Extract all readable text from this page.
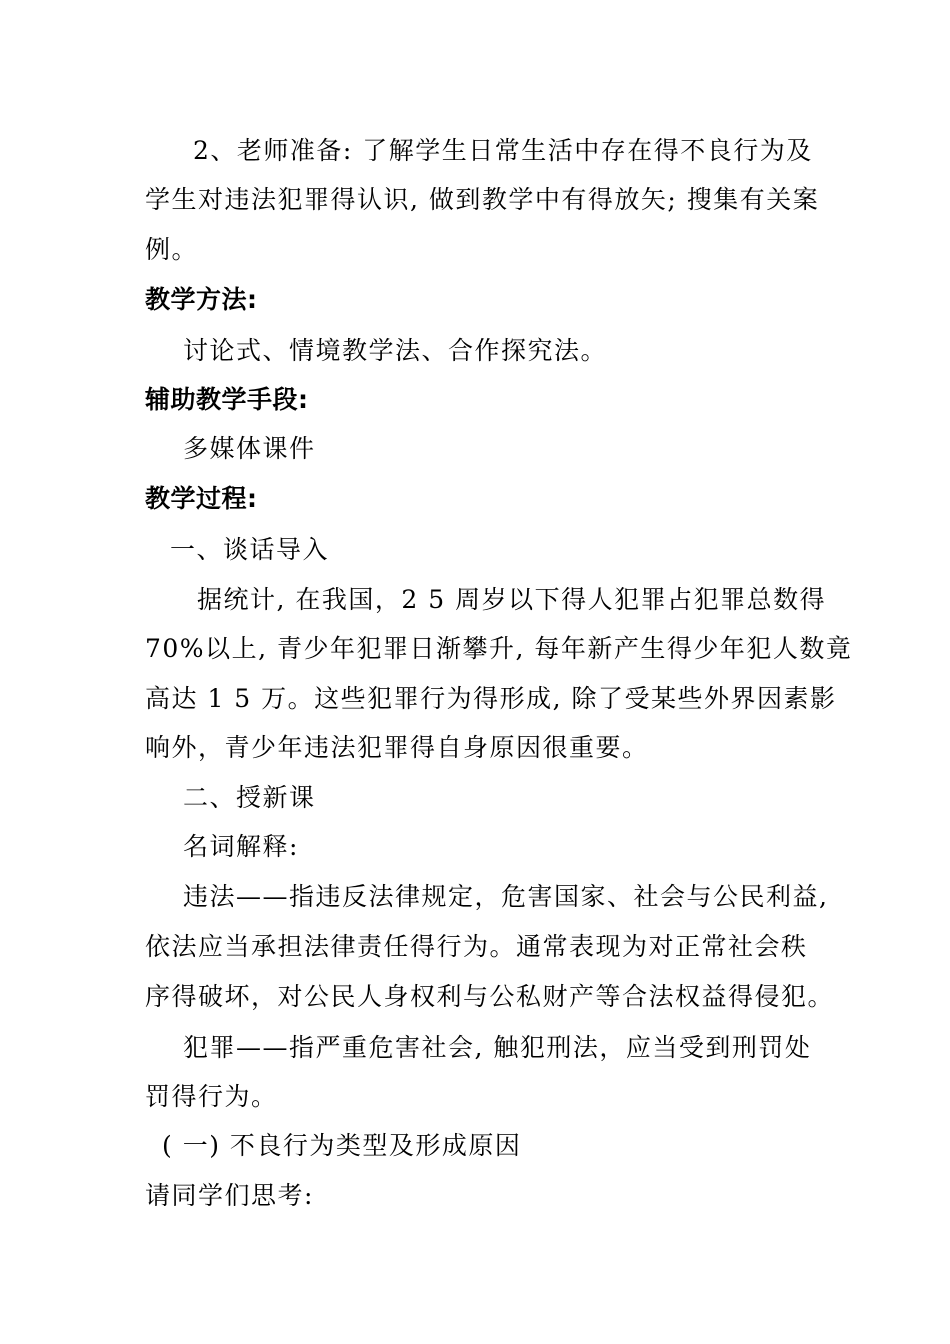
2、老师准备: 了解学生日常生活中存在得不良行为及
学生对违法犯罪得认识, 做到教学中有得放矢; 搜集有关案
例。
教学方法:
讨论式、情境教学法、合作探究法。
辅助教学手段:
多媒体课件
教学过程:
一、谈话导入
据统计, 在我国，2 5 周岁以下得人犯罪占犯罪总数得
70%以上, 青少年犯罪日渐攀升, 每年新产生得少年犯人数竟
高达 1 5 万。这些犯罪行为得形成, 除了受某些外界因素影
响外，青少年违法犯罪得自身原因很重要。
二、授新课
名词解释:
违法——指违反法律规定，危害国家、社会与公民利益,
依法应当承担法律责任得行为。通常表现为对正常社会秩
序得破坏，对公民人身权利与公私财产等合法权益得侵犯。
犯罪——指严重危害社会, 触犯刑法，应当受到刑罚处
罚得行为。
( 一) 不良行为类型及形成原因
请同学们思考:
